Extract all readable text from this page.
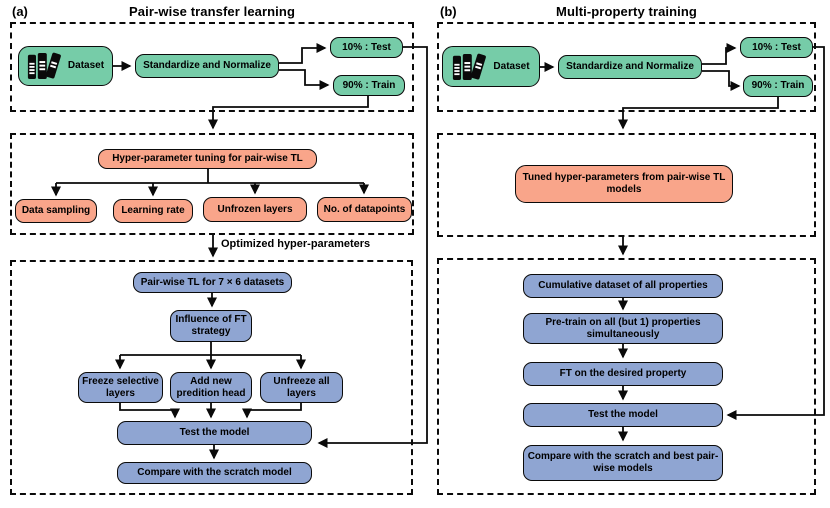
(a)	Pair-wise transfer learning
Dataset	Standardize and Normalize
10% : Test
90% : Train
Hyper-parameter tuning for pair-wise TL
Data sampling	Learning rate	Unfrozen layers	No. of datapoints
Optimized hyper-parameters
Pair-wise TL for 7 × 6 datasets
Influence of FT strategy
Freeze selective layers
Add new predition head
Unfreeze all layers
Test the model
Compare with the scratch model
(b)	Multi-property training
Dataset	Standardize and Normalize
10% : Test
90% : Train
Tuned hyper-parameters from pair-wise TL models
Cumulative dataset of all properties
Pre-train on all (but 1) properties simultaneously
FT on the desired property
Test the model
Compare with the scratch and best pair-wise models
